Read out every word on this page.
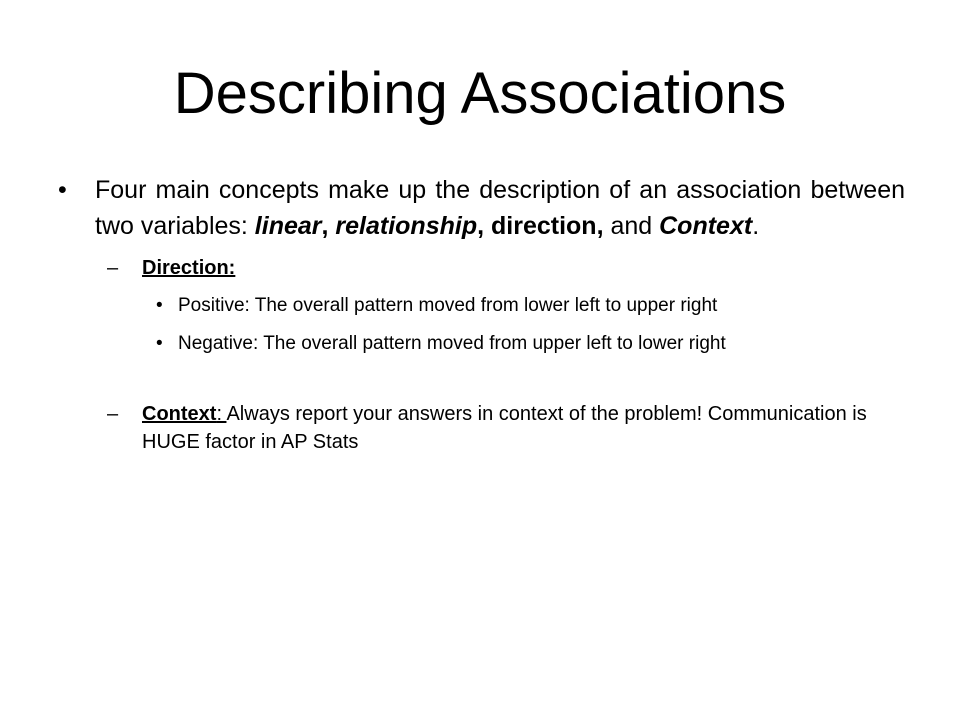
Describing Associations
• Four main concepts make up the description of an association between two variables: linear, relationship, direction, and Context.
– Direction:
• Positive: The overall pattern moved from lower left to upper right
• Negative: The overall pattern moved from upper left to lower right
– Context: Always report your answers in context of the problem! Communication is HUGE factor in AP Stats
